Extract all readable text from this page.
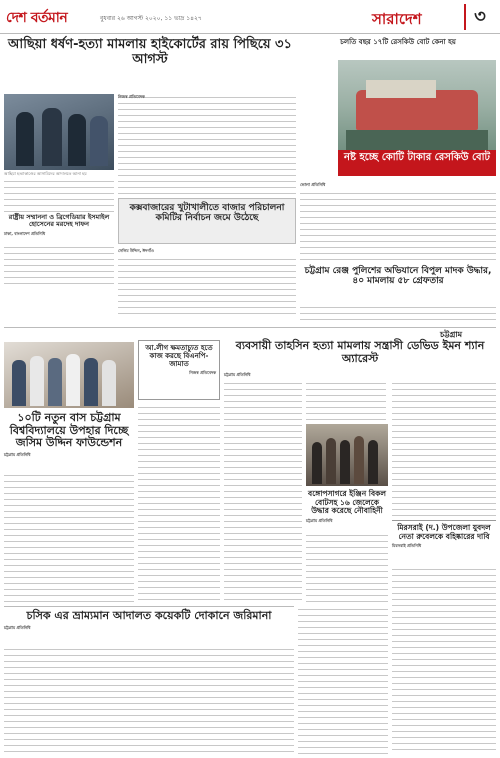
দেশ বর্তমান	বুধবার ২৬ আগস্ট ২০২০, ১১ ভাদ্র ১৪২৭	সারাদেশ	৩
আছিয়া ধর্ষণ-হত্যা মামলায় হাইকোর্টের রায় পিছিয়ে ৩১ আগস্ট
আছিয়া হত্যাকাণ্ডের আসামিদের আদালতে আনা হয়
নিজস্ব প্রতিবেদক
রাষ্ট্রীয় সম্মাননা ও ব্রিগেডিয়ার ইসমাইল হোসেনের মরদেহ দাফন
ঢাকা, বাংলাদেশ প্রতিনিধি
চলতি বছর ১৭টি রেসকিউ বোট কেনা হয়
নষ্ট হচ্ছে কোটি টাকার রেসকিউ বোট
ভোলা প্রতিনিধি
কক্সবাজারের খুটাখালীতে বাজার পরিচালনা কমিটির নির্বাচন জমে উঠেছে
সেলিম উদ্দিন, ঈদগাঁও
চট্টগ্রাম রেঞ্জ পুলিশের অভিযানে বিপুল মাদক উদ্ধার, ৪০ মামলায় ৫৮ গ্রেফতার
চট্টগ্রাম
১০টি নতুন বাস চট্টগ্রাম বিশ্ববিদ্যালয়ে উপহার দিচ্ছে জসিম উদ্দিন ফাউন্ডেশন
চট্টগ্রাম প্রতিনিধি
চসিক এর ভ্রাম্যমান আদালত কয়েকটি দোকানে জরিমানা
চট্টগ্রাম প্রতিনিধি
আ.লীগ ক্ষমতাচ্যুত হতে কাজ করছে বিএনপি-জামাত
নিজস্ব প্রতিবেদক
ব্যবসায়ী তাহসিন হত্যা মামলায় সন্ত্রাসী ডেভিড ইমন শ্যান অ্যারেস্ট
চট্টগ্রাম প্রতিনিধি
বঙ্গোপসাগরে ইঞ্জিন বিকল বোটসহ ১৬ জেলেকে উদ্ধার করেছে নৌবাহিনী
চট্টগ্রাম প্রতিনিধি
মিরসরাই (দ.) উপজেলা যুবদল নেতা রুবেলকে বহিষ্কারের দাবি
মিরসরাই প্রতিনিধি
